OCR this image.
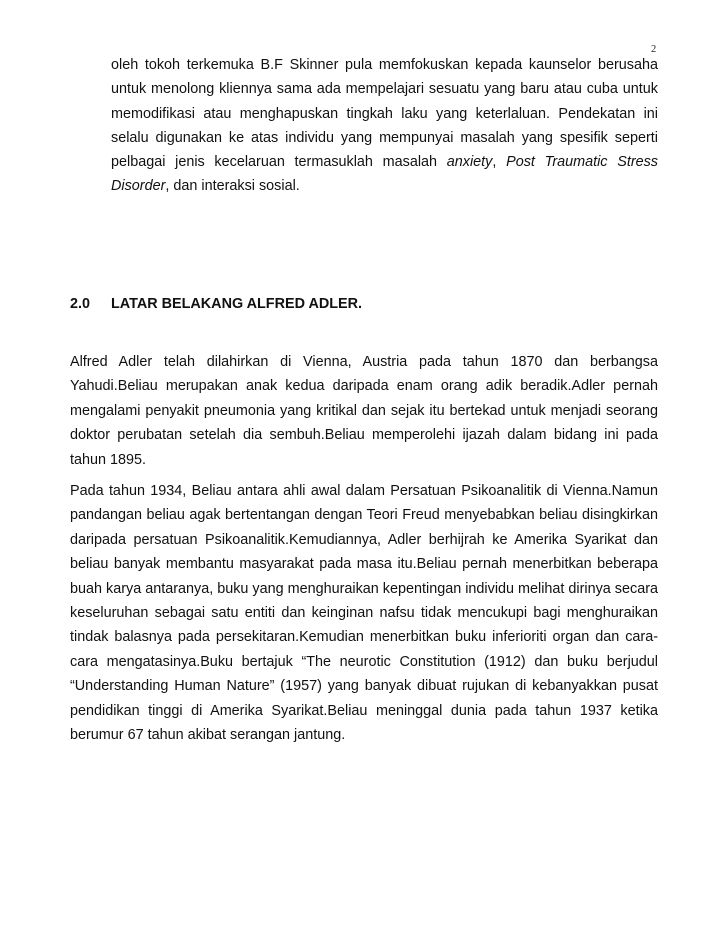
2
oleh tokoh terkemuka B.F Skinner pula memfokuskan kepada kaunselor berusaha
untuk menolong kliennya sama ada mempelajari sesuatu yang baru atau cuba untuk
memodifikasi atau menghapuskan tingkah laku yang keterlaluan. Pendekatan ini
selalu digunakan ke atas individu yang mempunyai masalah yang spesifik seperti
pelbagai jenis kecelaruan termasuklah masalah anxiety, Post Traumatic Stress
Disorder, dan interaksi sosial.
2.0 LATAR BELAKANG ALFRED ADLER.
Alfred Adler telah dilahirkan di Vienna, Austria pada tahun 1870 dan berbangsa
Yahudi.Beliau merupakan anak kedua daripada enam orang adik beradik.Adler pernah
mengalami penyakit pneumonia yang kritikal dan sejak itu bertekad untuk menjadi seorang
doktor perubatan setelah dia sembuh.Beliau memperolehi ijazah dalam bidang ini pada
tahun 1895.
Pada tahun 1934, Beliau antara ahli awal dalam Persatuan Psikoanalitik di Vienna.Namun
pandangan beliau agak bertentangan dengan Teori Freud menyebabkan beliau disingkirkan
daripada persatuan Psikoanalitik.Kemudiannya, Adler berhijrah ke Amerika Syarikat dan
beliau banyak membantu masyarakat pada masa itu.Beliau pernah menerbitkan beberapa
buah karya antaranya, buku yang menghuraikan kepentingan individu melihat dirinya secara
keseluruhan sebagai satu entiti dan keinginan nafsu tidak mencukupi bagi menghuraikan
tindak balasnya pada persekitaran.Kemudian menerbitkan buku inferioriti organ dan cara-
cara mengatasinya.Buku bertajuk “The neurotic Constitution (1912) dan buku berjudul
“Understanding Human Nature” (1957) yang banyak dibuat rujukan di kebanyakkan pusat
pendidikan tinggi di Amerika Syarikat.Beliau meninggal dunia pada tahun 1937 ketika
berumur 67 tahun akibat serangan jantung.
